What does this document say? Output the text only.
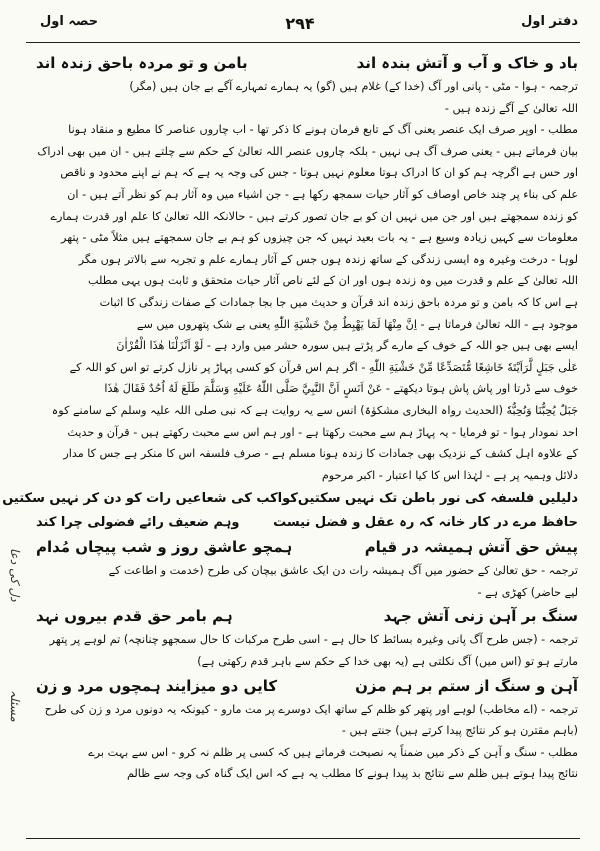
دفتر اول
۲۹۴
حصہ اول
باد و خاک و آب و آتش بندہ اند
بامن و تو مردہ باحق زندہ اند
ترجمہ - ہوا - مٹی - پانی اور آگ (خدا کے) غلام ہیں (گو) یہ ہمارے تمہارے آگے بے جان ہیں (مگر)
اللہ تعالیٰ کے آگے زندہ ہیں -
مطلب - اوپر صرف ایک عنصر یعنی آگ کے تابع فرمان ہونے کا ذکر تھا - اب چاروں عناصر کا مطیع و منقاد ہونا
بیان فرماتے ہیں - یعنی صرف آگ ہی نہیں - بلکہ چاروں عنصر اللہ تعالیٰ کے حکم سے چلتے ہیں - ان میں بھی ادراک
اور حس ہے اگرچہ ہم کو ان کا ادراک ہوتا معلوم نہیں ہوتا - جس کی وجہ یہ ہے کہ ہم نے اپنے محدود و ناقص
علم کی بناء پر چند خاص اوصاف کو آثار حیات سمجھ رکھا ہے - جن اشیاء میں وہ آثار ہم کو نظر آتے ہیں - ان
کو زندہ سمجھتے ہیں اور جن میں نہیں ان کو بے جان تصور کرتے ہیں - حالانکہ اللہ تعالیٰ کا علم اور قدرت ہمارے
معلومات سے کہیں زیادہ وسیع ہے - یہ بات بعید نہیں کہ جن چیزوں کو ہم بے جان سمجھتے ہیں مثلاً مٹی - پتھر
لوہا - درخت وغیرہ وہ ایسی زندگی کے ساتھ زندہ ہوں جس کے آثار ہمارے علم و تجربہ سے بالاتر ہوں مگر
اللہ تعالیٰ کے علم و قدرت میں وہ زندہ ہوں اور ان کے لئے ناص آثار حیات متحقق و ثابت ہوں یہی مطلب
ہے اس کا کہ بامن و تو مردہ باحق زندہ اند قرآن و حدیث میں جا بجا جمادات کے صفات زندگی کا اثبات
موجود ہے - اللہ تعالیٰ فرماتا ہے - اِنَّ مِنْهَا لَمَا يَهْبِطُ مِنْ خَشْيَةِ اللّٰهِ یعنی بے شک پتھروں میں سے
ایسے بھی ہیں جو اللہ کے خوف کے مارے گر پڑتے ہیں سورہ حشر میں وارد ہے - لَوْ اَنْزَلْنَا هٰذَا الْقُرْاٰنَ
عَلٰى جَبَلٍ لَّرَاَيْتَهٗ خَاشِعًا مُّتَصَدِّعًا مِّنْ خَشْيَةِ اللّٰهِ - اگر ہم اس قرآن کو کسی پہاڑ پر نازل کرتے تو اس کو اللہ کے
خوف سے ڈرتا اور پاش پاش ہوتا دیکھتے - عَنْ اَنَسٍ اَنَّ النَّبِيَّ صَلَّى اللّٰهُ عَلَيْهِ وَسَلَّمَ طَلَعَ لَهُ اُحُدٌ فَقَالَ هٰذَا
جَبَلٌ يُحِبُّنَا وَنُحِبُّهٗ (الحدیث رواہ البخاری مشکوٰۃ) انس سے یہ روایت ہے کہ نبی صلی اللہ علیہ وسلم کے سامنے کوہ
احد نمودار ہوا - تو فرمایا - یہ پہاڑ ہم سے محبت رکھتا ہے - اور ہم اس سے محبت رکھتے ہیں - قرآن و حدیث
کے علاوہ اہل کشف کے نزدیک بھی جمادات کا زندہ ہونا مسلم ہے - صرف فلسفہ اس کا منکر ہے جس کا مدار
دلائل وہمیہ پر ہے - لہٰذا اس کا کیا اعتبار - اکبر مرحوم
دلیلیں فلسفہ کی نور باطن تک نہیں سکتیں
کواکب کی شعاعیں رات کو دن کر نہیں سکتیں
حافظ مرے در کار خانہ کہ رہ عقل و فضل نیست
وہم ضعیف رائے فضولی چرا کند
پیش حق آتش ہمیشہ در قیام
ہمچو عاشق روز و شب پیچاں مُدام
ترجمہ - حق تعالیٰ کے حضور میں آگ ہمیشہ رات دن ایک عاشق بیچان کی طرح (خدمت و اطاعت کے
لیے حاضر) کھڑی ہے -
سنگ بر آہن زنی آتش جہد
ہم بامر حق قدم بیروں نہد
ترجمہ - (جس طرح آگ پانی وغیرہ بسائط کا حال ہے - اسی طرح مرکبات کا حال سمجھو چنانچہ) تم لوہے پر پتھر
مارتے ہو تو (اس میں) آگ نکلتی ہے (یہ بھی خدا کے حکم سے باہر قدم رکھتی ہے)
آہن و سنگ از ستم بر ہم مزن
کایں دو میزایند ہمچوں مرد و زن
ترجمہ - (اے مخاطب) لوہے اور پتھر کو ظلم کے ساتھ ایک دوسرے پر مت مارو - کیونکہ یہ دونوں مرد و زن کی طرح
(باہم مقترن ہو کر نتائج پیدا کرتے ہیں) جنتے ہیں -
مطلب - سنگ و آہن کے ذکر میں ضمناً یہ نصیحت فرماتے ہیں کہ کسی پر ظلم نہ کرو - اس سے بہت برے
نتائج پیدا ہوتے ہیں ظلم سے نتائج بد پیدا ہونے کا مطلب یہ ہے کہ اس ایک گناہ کی وجہ سے ظالم
دل کی دعا
مسئلہ
